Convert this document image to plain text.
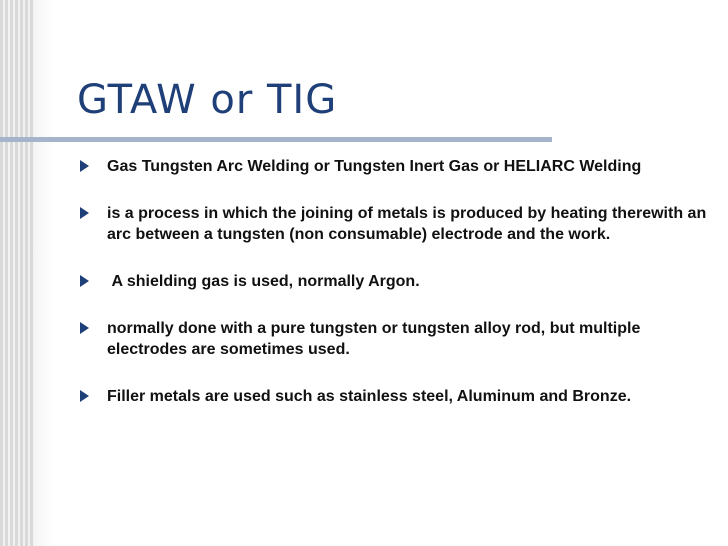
GTAW or TIG
Gas Tungsten Arc Welding or Tungsten Inert Gas or HELIARC Welding
is a process in which the joining of metals is produced by heating therewith an arc between a tungsten (non consumable) electrode and the work.
A shielding gas is used, normally Argon.
normally done with a pure tungsten or tungsten alloy rod, but multiple electrodes are sometimes used.
Filler metals are used such as stainless steel, Aluminum and Bronze.
